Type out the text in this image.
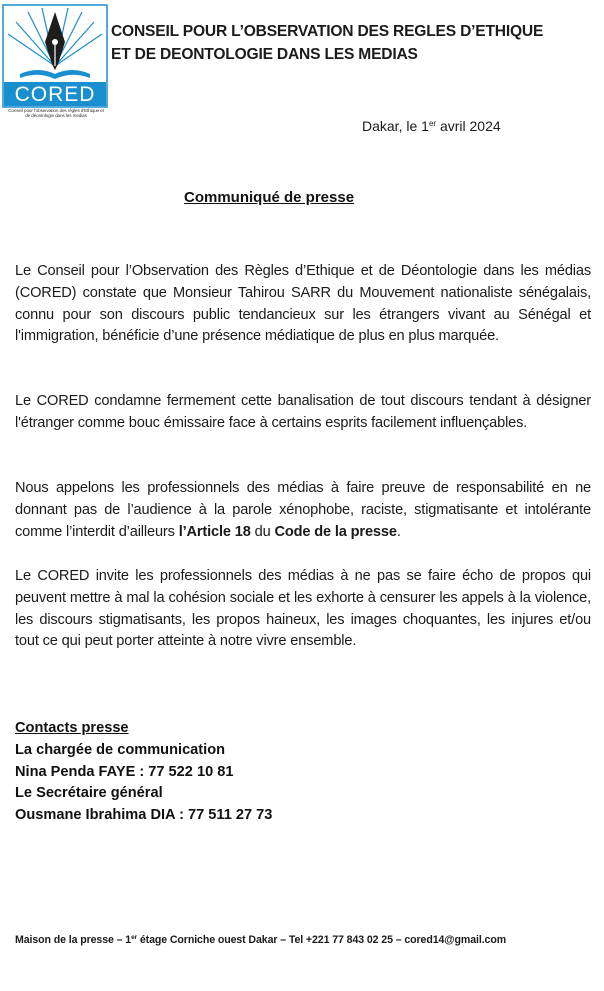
CORED
Conseil pour l'observation des règles d'Ethique et de déontologie dans les medias
CONSEIL POUR L’OBSERVATION DES REGLES D’ETHIQUE
ET DE DEONTOLOGIE DANS LES MEDIAS
Dakar, le 1er avril 2024
Communiqué de presse
Le Conseil pour l’Observation des Règles d’Ethique et de Déontologie dans les médias (CORED) constate que Monsieur Tahirou SARR du Mouvement nationaliste sénégalais, connu pour son discours public tendancieux sur les étrangers vivant au Sénégal et l'immigration, bénéficie d’une présence médiatique de plus en plus marquée.
Le CORED condamne fermement cette banalisation de tout discours tendant à désigner l'étranger comme bouc émissaire face à certains esprits facilement influençables.
Nous appelons les professionnels des médias à faire preuve de responsabilité en ne donnant pas de l’audience à la parole xénophobe, raciste, stigmatisante et intolérante comme l’interdit d’ailleurs l’Article 18 du Code de la presse.
Le CORED invite les professionnels des médias à ne pas se faire écho de propos qui peuvent mettre à mal la cohésion sociale et les exhorte à censurer les appels à la violence, les discours stigmatisants, les propos haineux, les images choquantes, les injures et/ou tout ce qui peut porter atteinte à notre vivre ensemble.
Contacts presse
La chargée de communication
Nina Penda FAYE : 77 522 10 81
Le Secrétaire général
Ousmane Ibrahima DIA : 77 511 27 73
Maison de la presse – 1er étage Corniche ouest Dakar – Tel +221 77 843 02 25 – cored14@gmail.com
